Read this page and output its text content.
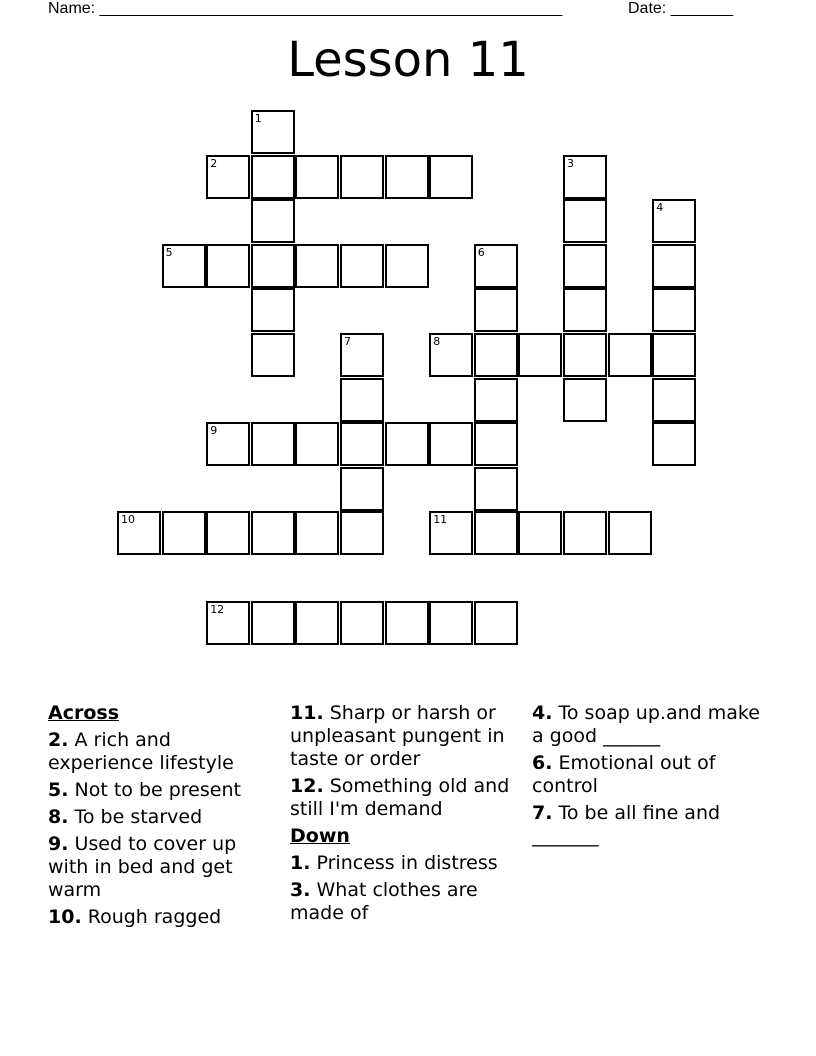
Name: ____________________________________________________	Date: _______
Lesson 11
1
2	3
4
5	6
7	8
9
10	11
12
Across
2. A rich and experience lifestyle
5. Not to be present
8. To be starved
9. Used to cover up with in bed and get warm
10. Rough ragged
11. Sharp or harsh or unpleasant pungent in taste or order
12. Something old and still I'm demand
Down
1. Princess in distress
3. What clothes are made of
4. To soap up.and make a good ______
6. Emotional out of control
7. To be all fine and _______
